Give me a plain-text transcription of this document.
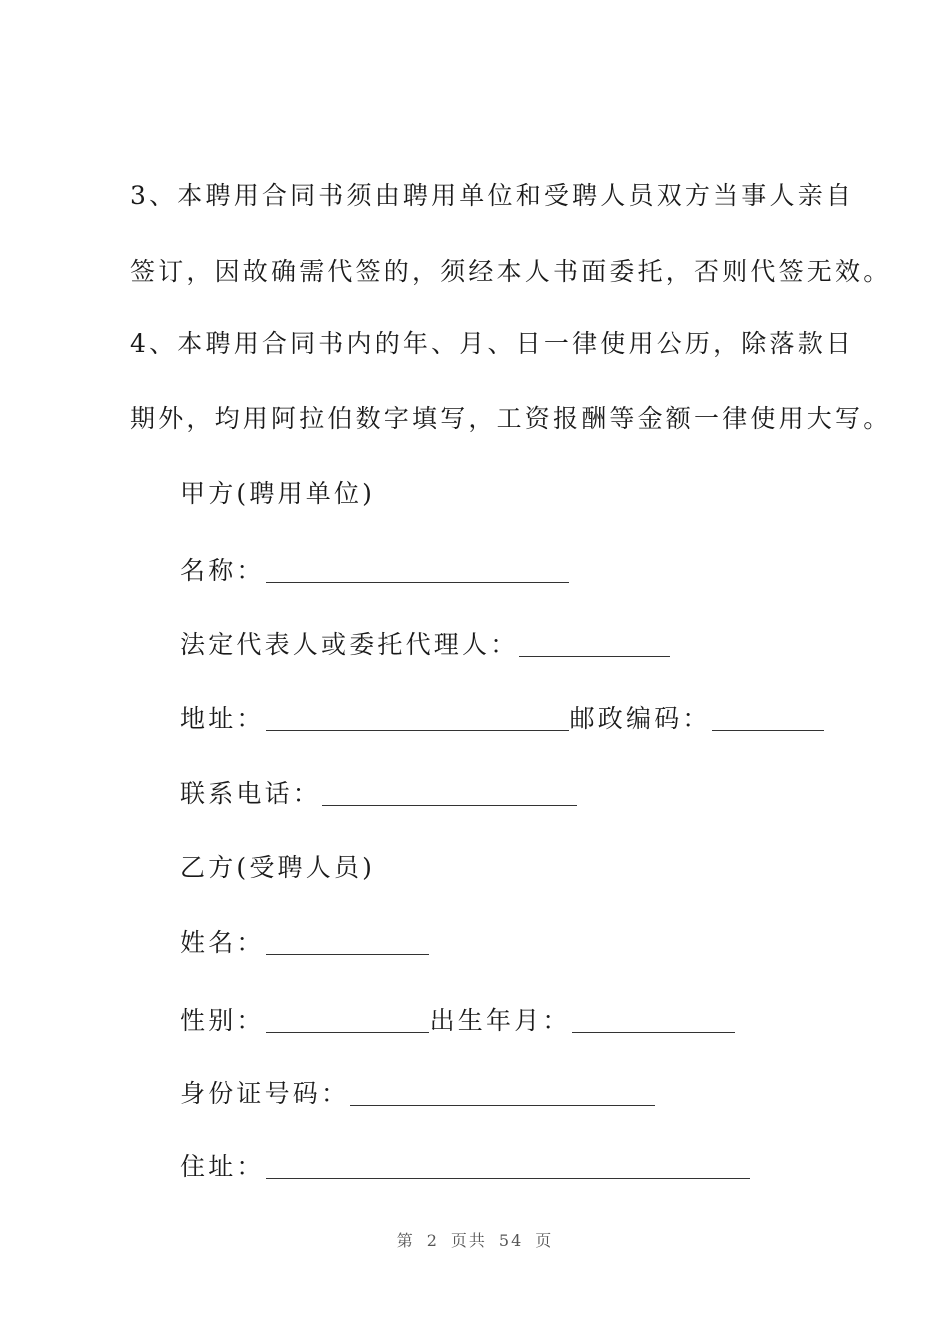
3、本聘用合同书须由聘用单位和受聘人员双方当事人亲自
签订，因故确需代签的，须经本人书面委托，否则代签无效。
4、本聘用合同书内的年、月、日一律使用公历，除落款日
期外，均用阿拉伯数字填写，工资报酬等金额一律使用大写。
甲方(聘用单位)
名称：
法定代表人或委托代理人：
地址：	邮政编码：
联系电话：
乙方(受聘人员)
姓名：
性别：	出生年月：
身份证号码：
住址：
第 2 页共 54 页
